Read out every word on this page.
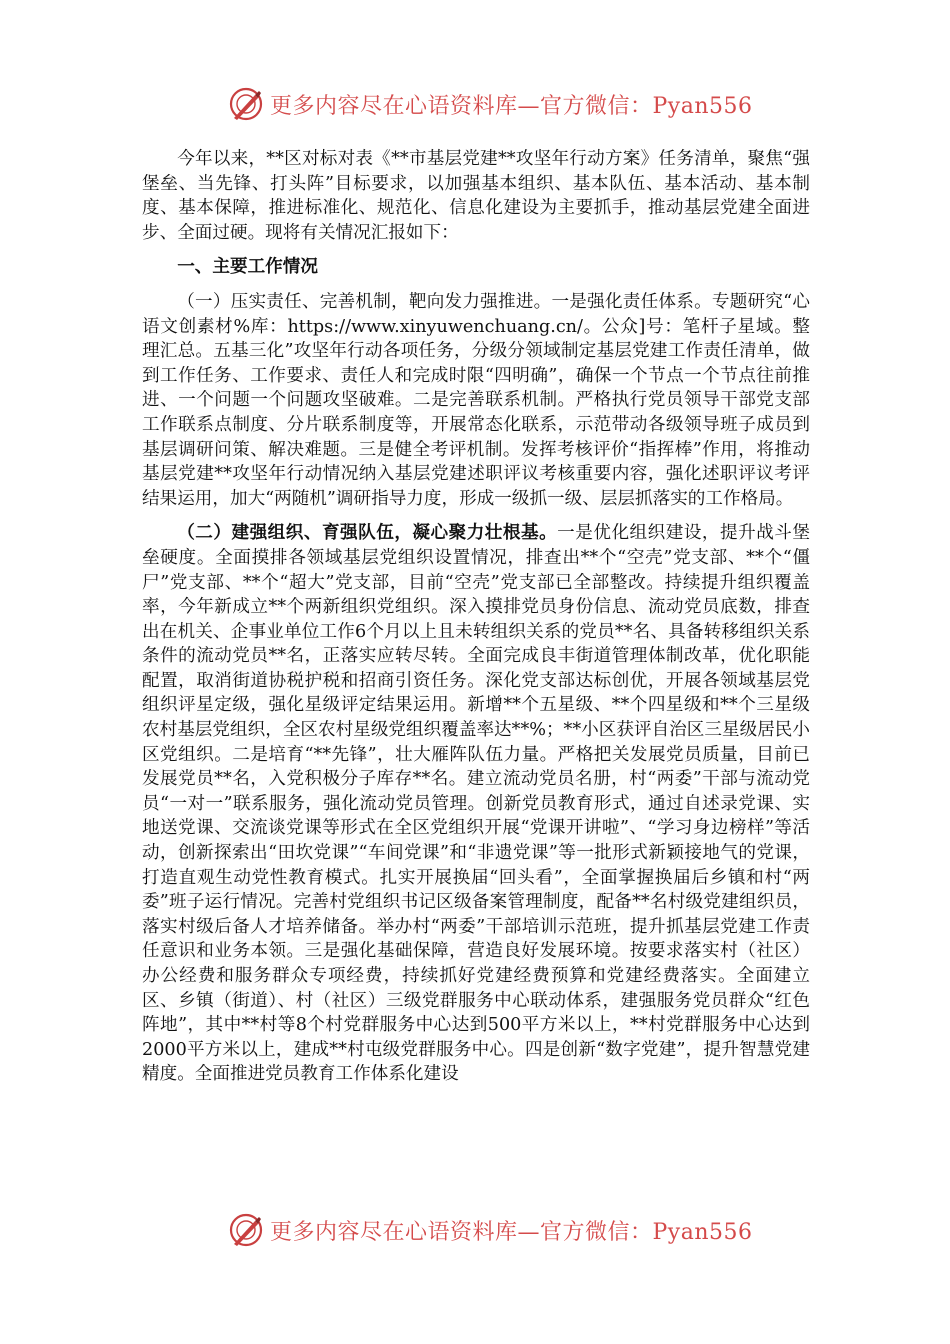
更多内容尽在心语资料库—官方微信：Pyan556

今年以来，**区对标对表《**市基层党建**攻坚年行动方案》任务清单，聚焦“强堡垒、当先锋、打头阵”目标要求，以加强基本组织、基本队伍、基本活动、基本制度、基本保障，推进标准化、规范化、信息化建设为主要抓手，推动基层党建全面进步、全面过硬。现将有关情况汇报如下：

一、主要工作情况

（一）压实责任、完善机制，靶向发力强推进。一是强化责任体系。专题研究“心语文创素材%库：https://www.xinyuwenchuang.cn/。公众]号：笔杆子星域。整理汇总。五基三化”攻坚年行动各项任务，分级分领域制定基层党建工作责任清单，做到工作任务、工作要求、责任人和完成时限“四明确”，确保一个节点一个节点往前推进、一个问题一个问题攻坚破难。二是完善联系机制。严格执行党员领导干部党支部工作联系点制度、分片联系制度等，开展常态化联系，示范带动各级领导班子成员到基层调研问策、解决难题。三是健全考评机制。发挥考核评价“指挥棒”作用，将推动基层党建**攻坚年行动情况纳入基层党建述职评议考核重要内容，强化述职评议考评结果运用，加大“两随机”调研指导力度，形成一级抓一级、层层抓落实的工作格局。

（二）建强组织、育强队伍，凝心聚力壮根基。一是优化组织建设，提升战斗堡垒硬度。全面摸排各领域基层党组织设置情况，排查出**个“空壳”党支部、**个“僵尸”党支部、**个“超大”党支部，目前“空壳”党支部已全部整改。持续提升组织覆盖率，今年新成立**个两新组织党组织。深入摸排党员身份信息、流动党员底数，排查出在机关、企事业单位工作6个月以上且未转组织关系的党员**名、具备转移组织关系条件的流动党员**名，正落实应转尽转。全面完成良丰街道管理体制改革，优化职能配置，取消街道协税护税和招商引资任务。深化党支部达标创优，开展各领域基层党组织评星定级，强化星级评定结果运用。新增**个五星级、**个四星级和**个三星级农村基层党组织，全区农村星级党组织覆盖率达**%；**小区获评自治区三星级居民小区党组织。二是培育“**先锋”，壮大雁阵队伍力量。严格把关发展党员质量，目前已发展党员**名，入党积极分子库存**名。建立流动党员名册，村“两委”干部与流动党员“一对一”联系服务，强化流动党员管理。创新党员教育形式，通过自述录党课、实地送党课、交流谈党课等形式在全区党组织开展“党课开讲啦”、“学习身边榜样”等活动，创新探索出“田坎党课”“车间党课”和“非遗党课”等一批形式新颖接地气的党课，打造直观生动党性教育模式。扎实开展换届“回头看”，全面掌握换届后乡镇和村“两委”班子运行情况。完善村党组织书记区级备案管理制度，配备**名村级党建组织员，落实村级后备人才培养储备。举办村“两委”干部培训示范班，提升抓基层党建工作责任意识和业务本领。三是强化基础保障，营造良好发展环境。按要求落实村（社区）办公经费和服务群众专项经费，持续抓好党建经费预算和党建经费落实。全面建立区、乡镇（街道）、村（社区）三级党群服务中心联动体系，建强服务党员群众“红色阵地”，其中**村等8个村党群服务中心达到500平方米以上，**村党群服务中心达到2000平方米以上，建成**村屯级党群服务中心。四是创新“数字党建”，提升智慧党建精度。全面推进党员教育工作体系化建设

更多内容尽在心语资料库—官方微信：Pyan556
